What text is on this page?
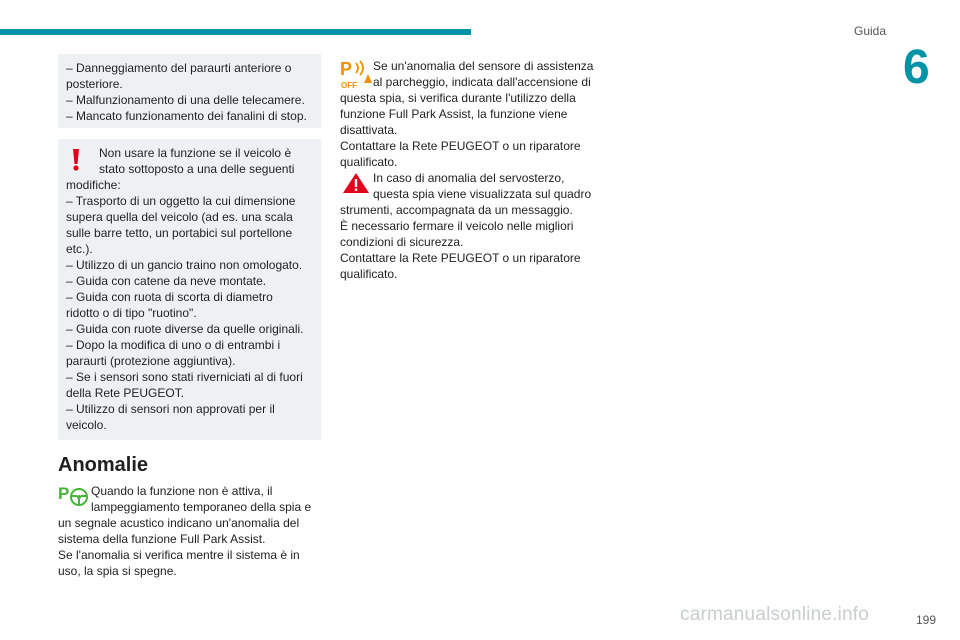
Guida
6
– Danneggiamento del paraurti anteriore o
posteriore.
– Malfunzionamento di una delle telecamere.
– Mancato funzionamento dei fanalini di stop.
Non usare la funzione se il veicolo è
stato sottoposto a una delle seguenti
modifiche:
– Trasporto di un oggetto la cui dimensione
supera quella del veicolo (ad es. una scala
sulle barre tetto, un portabici sul portellone
etc.).
– Utilizzo di un gancio traino non omologato.
– Guida con catene da neve montate.
– Guida con ruota di scorta di diametro
ridotto o di tipo "ruotino".
– Guida con ruote diverse da quelle originali.
– Dopo la modifica di uno o di entrambi i
paraurti (protezione aggiuntiva).
– Se i sensori sono stati riverniciati al di fuori
della Rete PEUGEOT.
– Utilizzo di sensori non approvati per il
veicolo.
Anomalie
P	Quando la funzione non è attiva, il
lampeggiamento temporaneo della spia e
un segnale acustico indicano un'anomalia del
sistema della funzione Full Park Assist.
Se l'anomalia si verifica mentre il sistema è in
uso, la spia si spegne.
P
OFF
Se un'anomalia del sensore di assistenza
al parcheggio, indicata dall'accensione di
questa spia, si verifica durante l'utilizzo della
funzione Full Park Assist, la funzione viene
disattivata.
Contattare la Rete PEUGEOT o un riparatore
qualificato.
In caso di anomalia del servosterzo,
questa spia viene visualizzata sul quadro
strumenti, accompagnata da un messaggio.
È necessario fermare il veicolo nelle migliori
condizioni di sicurezza.
Contattare la Rete PEUGEOT o un riparatore
qualificato.
carmanualsonline.info	199
